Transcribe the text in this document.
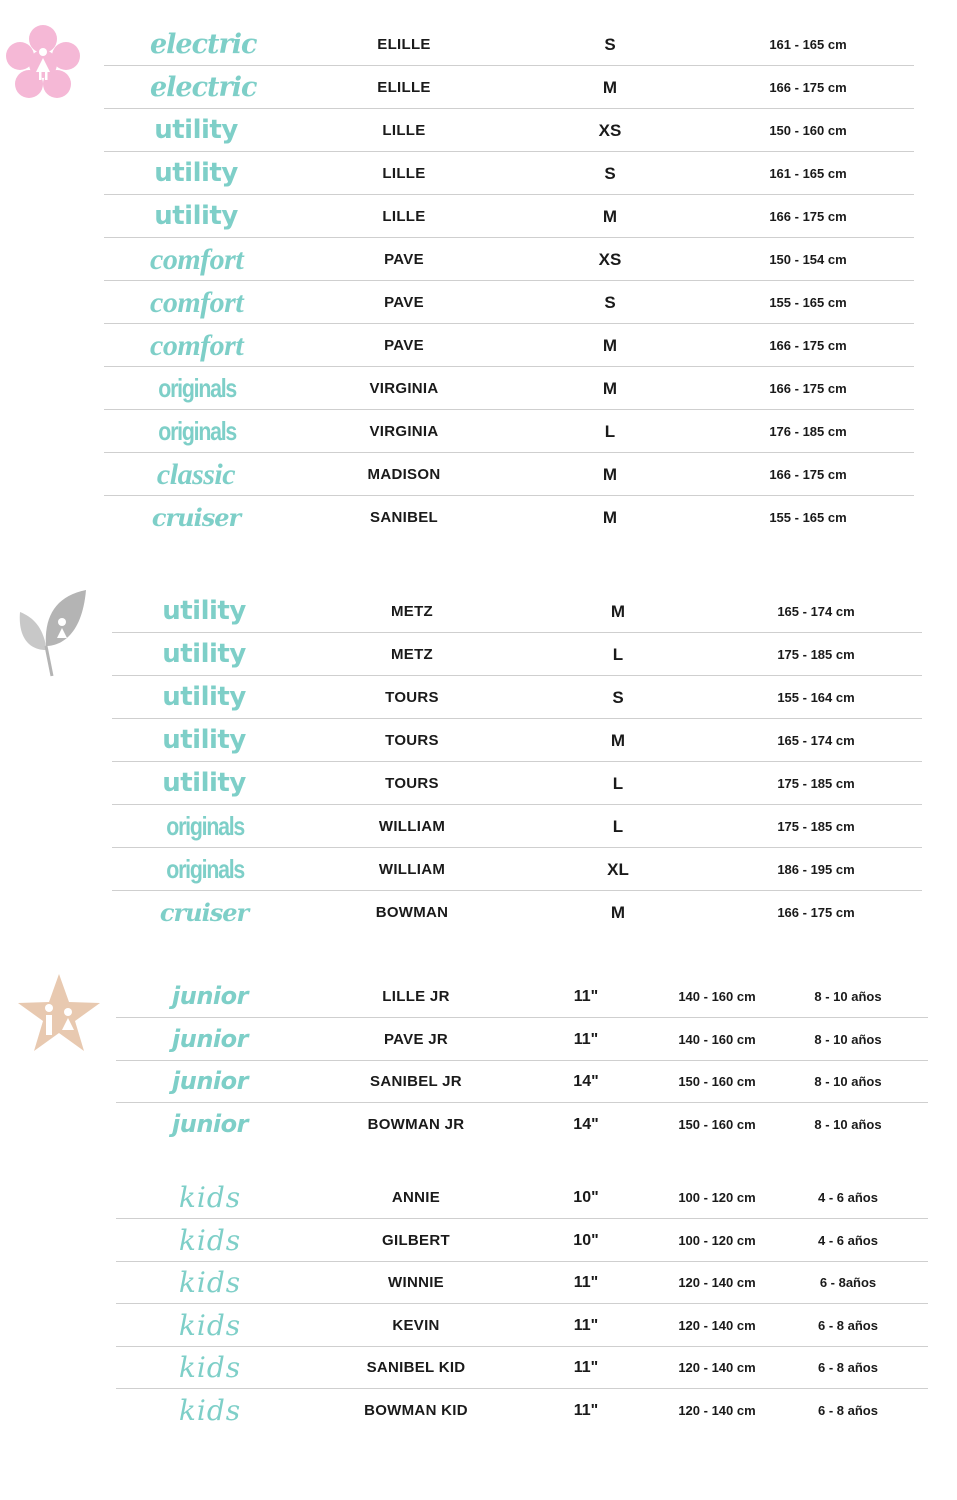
electric	ELILLE	S	161 - 165 cm
electric	ELILLE	M	166 - 175 cm
utility	LILLE	XS	150 - 160 cm
utility	LILLE	S	161 - 165 cm
utility	LILLE	M	166 - 175 cm
comfort	PAVE	XS	150 - 154 cm
comfort	PAVE	S	155 - 165 cm
comfort	PAVE	M	166 - 175 cm
originals	VIRGINIA	M	166 - 175 cm
originals	VIRGINIA	L	176 - 185 cm
classic	MADISON	M	166 - 175 cm
cruiser	SANIBEL	M	155 - 165 cm
utility	METZ	M	165 - 174 cm
utility	METZ	L	175 - 185 cm
utility	TOURS	S	155 - 164 cm
utility	TOURS	M	165 - 174 cm
utility	TOURS	L	175 - 185 cm
originals	WILLIAM	L	175 - 185 cm
originals	WILLIAM	XL	186 - 195 cm
cruiser	BOWMAN	M	166 - 175 cm
junior	LILLE JR	11"	140 - 160 cm	8 - 10 años
junior	PAVE JR	11"	140 - 160 cm	8 - 10 años
junior	SANIBEL JR	14"	150 - 160 cm	8 - 10 años
junior	BOWMAN JR	14"	150 - 160 cm	8 - 10 años
kids	ANNIE	10"	100 - 120 cm	4 - 6 años
kids	GILBERT	10"	100 - 120 cm	4 - 6 años
kids	WINNIE	11"	120 - 140 cm	6 - 8años
kids	KEVIN	11"	120 - 140 cm	6 - 8 años
kids	SANIBEL KID	11"	120 - 140 cm	6 - 8 años
kids	BOWMAN KID	11"	120 - 140 cm	6 - 8 años
